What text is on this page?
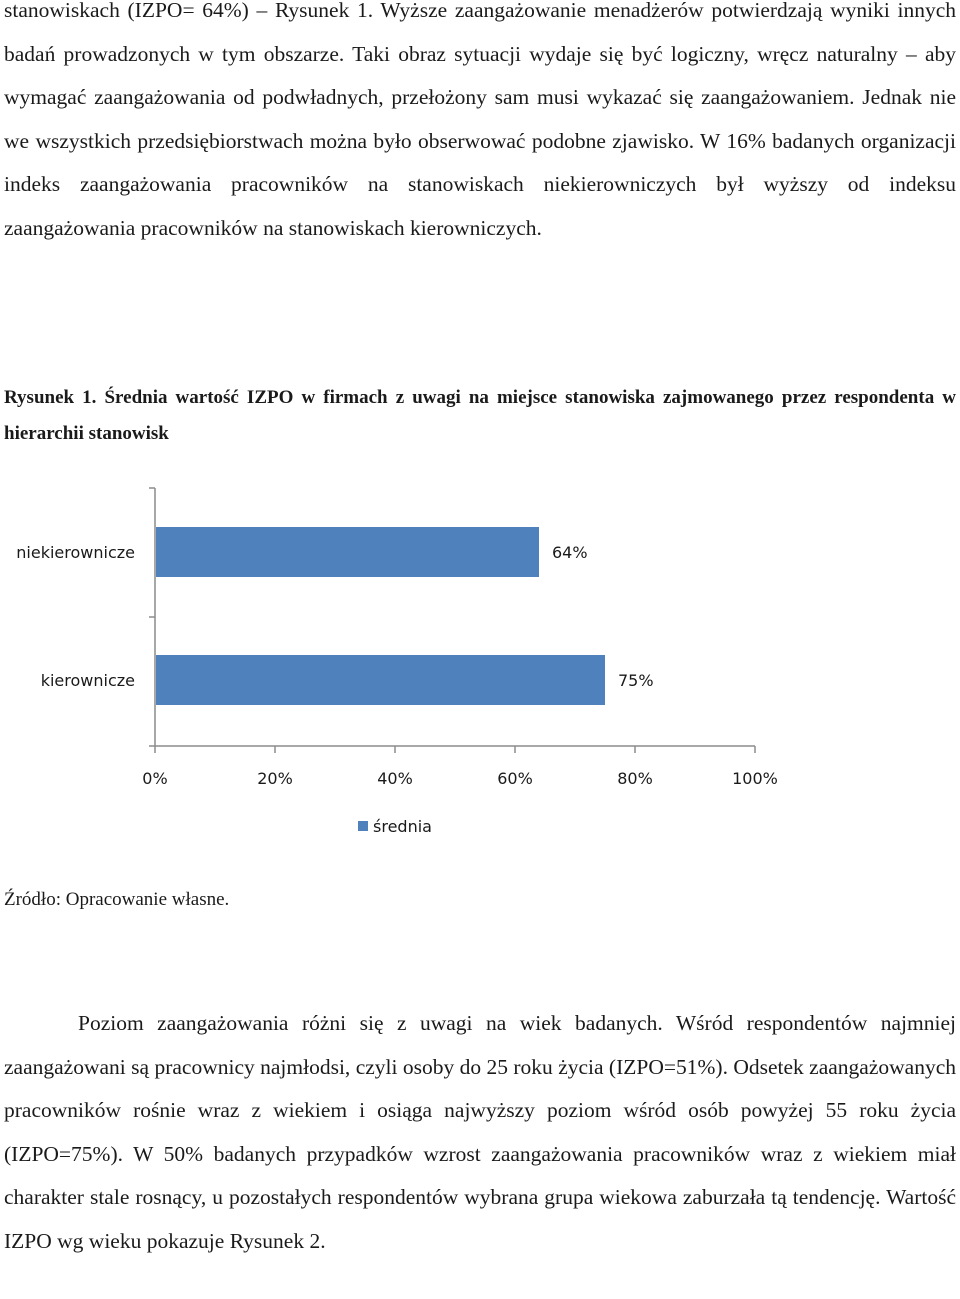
stanowiskach (IZPO= 64%) – Rysunek 1. Wyższe zaangażowanie menadżerów potwierdzają wyniki innych badań prowadzonych w tym obszarze. Taki obraz sytuacji wydaje się być logiczny, wręcz naturalny – aby wymagać zaangażowania od podwładnych, przełożony sam musi wykazać się zaangażowaniem. Jednak nie we wszystkich przedsiębiorstwach można było obserwować podobne zjawisko. W 16% badanych organizacji indeks zaangażowania pracowników na stanowiskach niekierowniczych był wyższy od indeksu zaangażowania pracowników na stanowiskach kierowniczych.

Rysunek 1. Średnia wartość IZPO w firmach z uwagi na miejsce stanowiska zajmowanego przez respondenta w hierarchii stanowisk

0%	20%	40%	60%	80%	100%
niekierownicze	64%
kierownicze	75%
średnia

Źródło: Opracowanie własne.

Poziom zaangażowania różni się z uwagi na wiek badanych. Wśród respondentów najmniej zaangażowani są pracownicy najmłodsi, czyli osoby do 25 roku życia (IZPO=51%). Odsetek zaangażowanych pracowników rośnie wraz z wiekiem i osiąga najwyższy poziom wśród osób powyżej 55 roku życia (IZPO=75%). W 50% badanych przypadków wzrost zaangażowania pracowników wraz z wiekiem miał charakter stale rosnący, u pozostałych respondentów wybrana grupa wiekowa zaburzała tą tendencję. Wartość IZPO wg wieku pokazuje Rysunek 2.
